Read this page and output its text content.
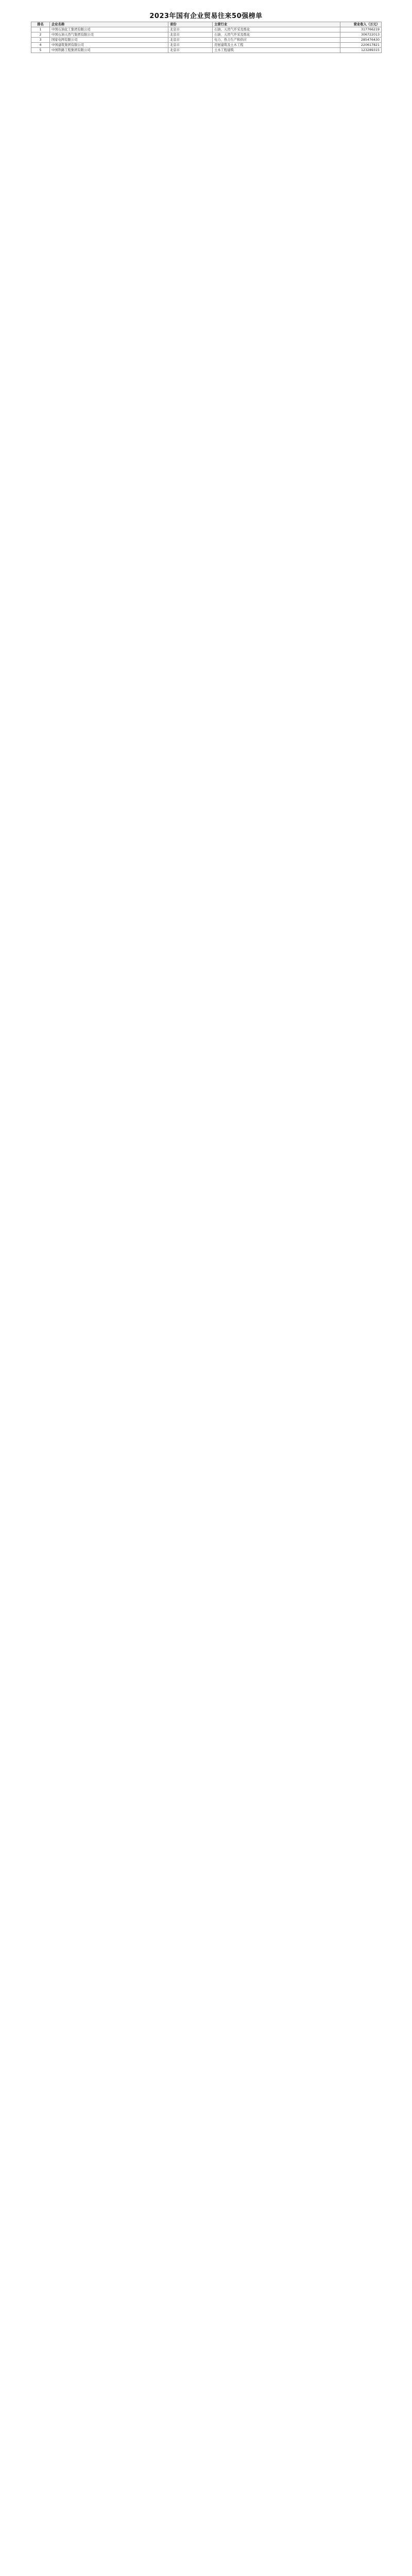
2023年国有企业贸易往来50强榜单
排名	企业名称	省份	主营行业	营业收入（万元）
1	中国石油化工集团有限公司	北京市	石油、天然气开采及炼化	317766219
2	中国石油天然气集团有限公司	北京市	石油、天然气开采及炼化	306722013
3	国家电网有限公司	北京市	电力、热力生产和供应	285476430
4	中国建筑集团有限公司	北京市	房屋建筑及土木工程	220617821
5	中国铁路工程集团有限公司	北京市	土木工程建筑	123289315
